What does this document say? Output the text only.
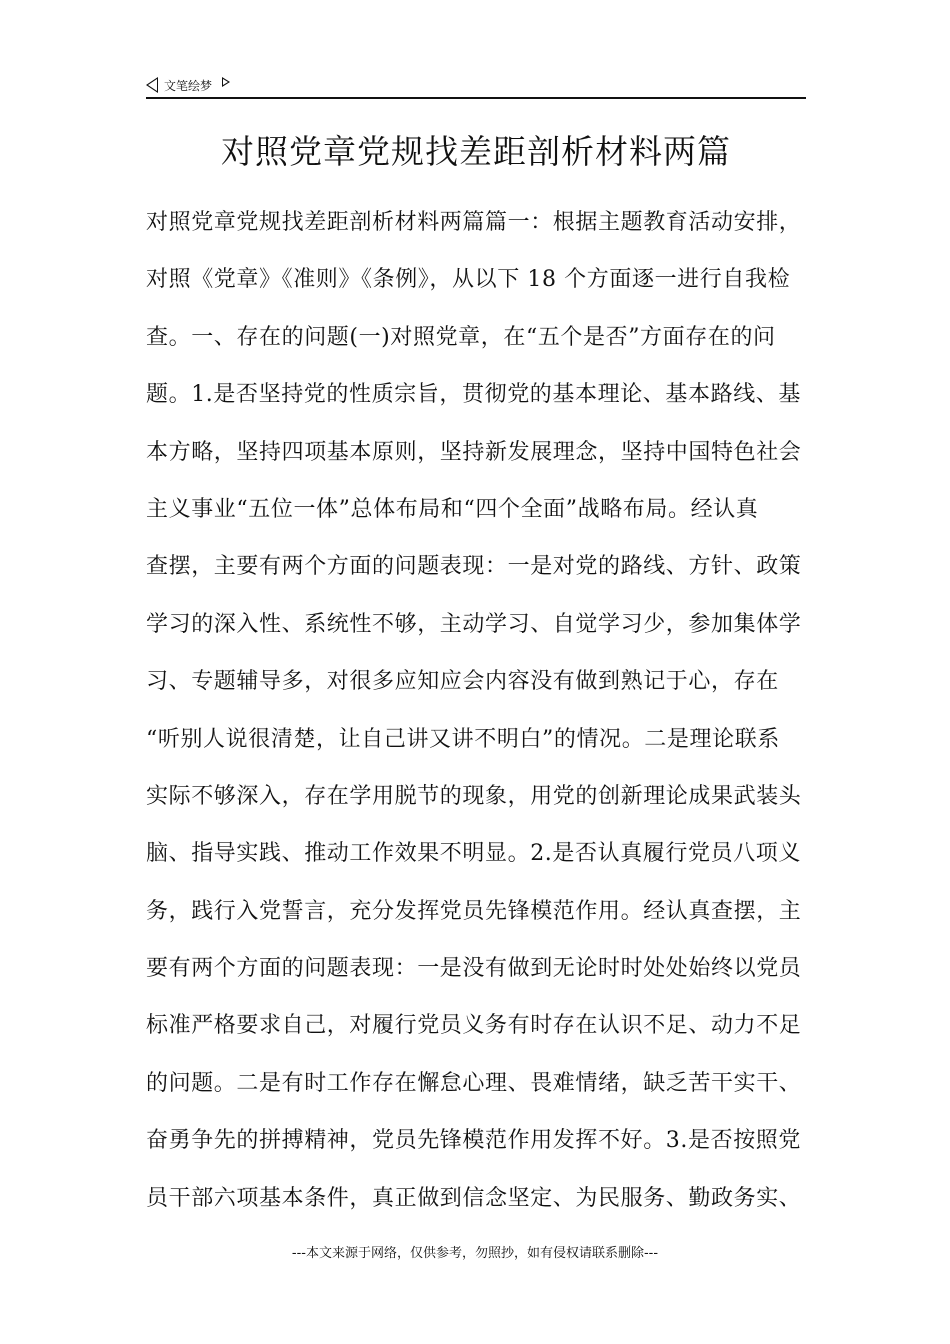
文笔绘梦
对照党章党规找差距剖析材料两篇
对照党章党规找差距剖析材料两篇篇一：根据主题教育活动安排，
对照《党章》《准则》《条例》，从以下 18 个方面逐一进行自我检
查。一、存在的问题(一)对照党章，在“五个是否”方面存在的问
题。1.是否坚持党的性质宗旨，贯彻党的基本理论、基本路线、基
本方略，坚持四项基本原则，坚持新发展理念，坚持中国特色社会
主义事业“五位一体”总体布局和“四个全面”战略布局。经认真
查摆，主要有两个方面的问题表现：一是对党的路线、方针、政策
学习的深入性、系统性不够，主动学习、自觉学习少，参加集体学
习、专题辅导多，对很多应知应会内容没有做到熟记于心，存在
“听别人说很清楚，让自己讲又讲不明白”的情况。二是理论联系
实际不够深入，存在学用脱节的现象，用党的创新理论成果武装头
脑、指导实践、推动工作效果不明显。2.是否认真履行党员八项义
务，践行入党誓言，充分发挥党员先锋模范作用。经认真查摆，主
要有两个方面的问题表现：一是没有做到无论时时处处始终以党员
标准严格要求自己，对履行党员义务有时存在认识不足、动力不足
的问题。二是有时工作存在懈怠心理、畏难情绪，缺乏苦干实干、
奋勇争先的拼搏精神，党员先锋模范作用发挥不好。3.是否按照党
员干部六项基本条件，真正做到信念坚定、为民服务、勤政务实、
---本文来源于网络，仅供参考，勿照抄，如有侵权请联系删除---
